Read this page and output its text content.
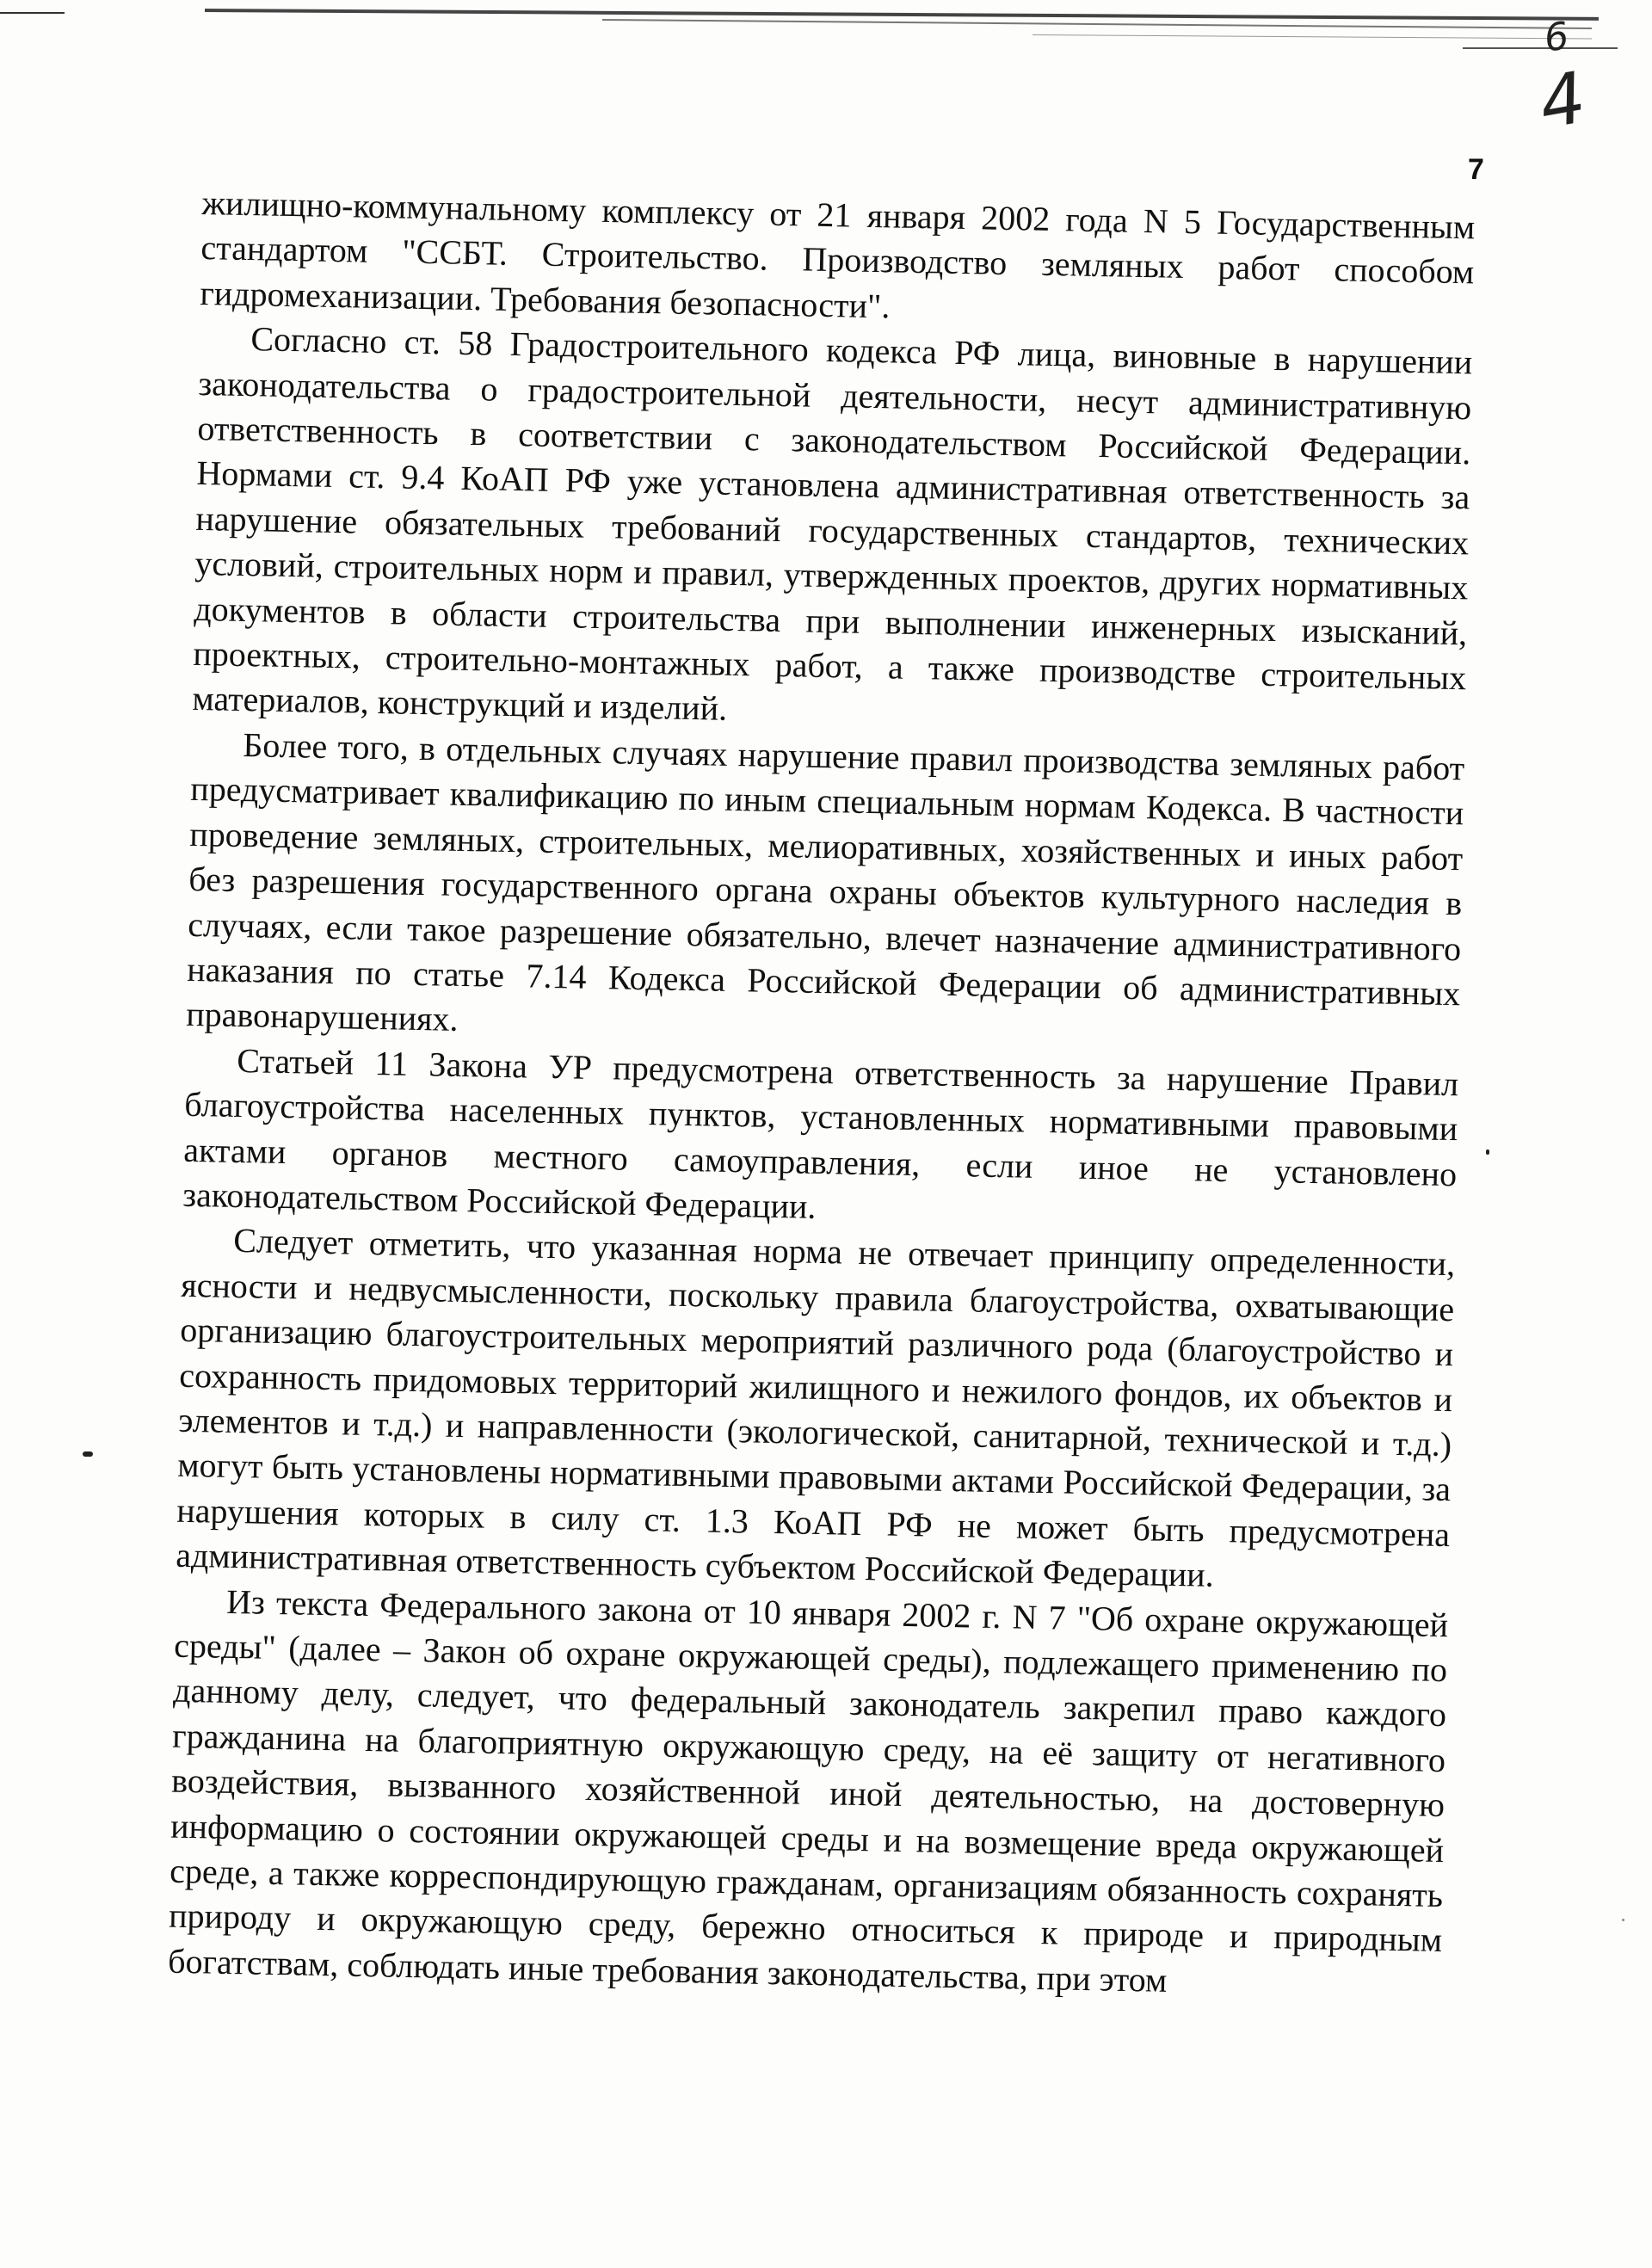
6
4
7

жилищно-коммунальному комплексу от 21 января 2002 года N 5 Государственным стандартом "ССБТ. Строительство. Производство земляных работ способом гидромеханизации. Требования безопасности".

Согласно ст. 58 Градостроительного кодекса РФ лица, виновные в нарушении законодательства о градостроительной деятельности, несут административную ответственность в соответствии с законодательством Российской Федерации. Нормами ст. 9.4 КоАП РФ уже установлена административная ответственность за нарушение обязательных требований государственных стандартов, технических условий, строительных норм и правил, утвержденных проектов, других нормативных документов в области строительства при выполнении инженерных изысканий, проектных, строительно-монтажных работ, а также производстве строительных материалов, конструкций и изделий.

Более того, в отдельных случаях нарушение правил производства земляных работ предусматривает квалификацию по иным специальным нормам Кодекса. В частности проведение земляных, строительных, мелиоративных, хозяйственных и иных работ без разрешения государственного органа охраны объектов культурного наследия в случаях, если такое разрешение обязательно, влечет назначение административного наказания по статье 7.14 Кодекса Российской Федерации об административных правонарушениях.

Статьей 11 Закона УР предусмотрена ответственность за нарушение Правил благоустройства населенных пунктов, установленных нормативными правовыми актами органов местного самоуправления, если иное не установлено законодательством Российской Федерации.

Следует отметить, что указанная норма не отвечает принципу определенности, ясности и недвусмысленности, поскольку правила благоустройства, охватывающие организацию благоустроительных мероприятий различного рода (благоустройство и сохранность придомовых территорий жилищного и нежилого фондов, их объектов и элементов и т.д.) и направленности (экологической, санитарной, технической и т.д.) могут быть установлены нормативными правовыми актами Российской Федерации, за нарушения которых в силу ст. 1.3 КоАП РФ не может быть предусмотрена административная ответственность субъектом Российской Федерации.

Из текста Федерального закона от 10 января 2002 г. N 7 "Об охране окружающей среды" (далее – Закон об охране окружающей среды), подлежащего применению по данному делу, следует, что федеральный законодатель закрепил право каждого гражданина на благоприятную окружающую среду, на её защиту от негативного воздействия, вызванного хозяйственной иной деятельностью, на достоверную информацию о состоянии окружающей среды и на возмещение вреда окружающей среде, а также корреспондирующую гражданам, организациям обязанность сохранять природу и окружающую среду, бережно относиться к природе и природным богатствам, соблюдать иные требования законодательства, при этом
